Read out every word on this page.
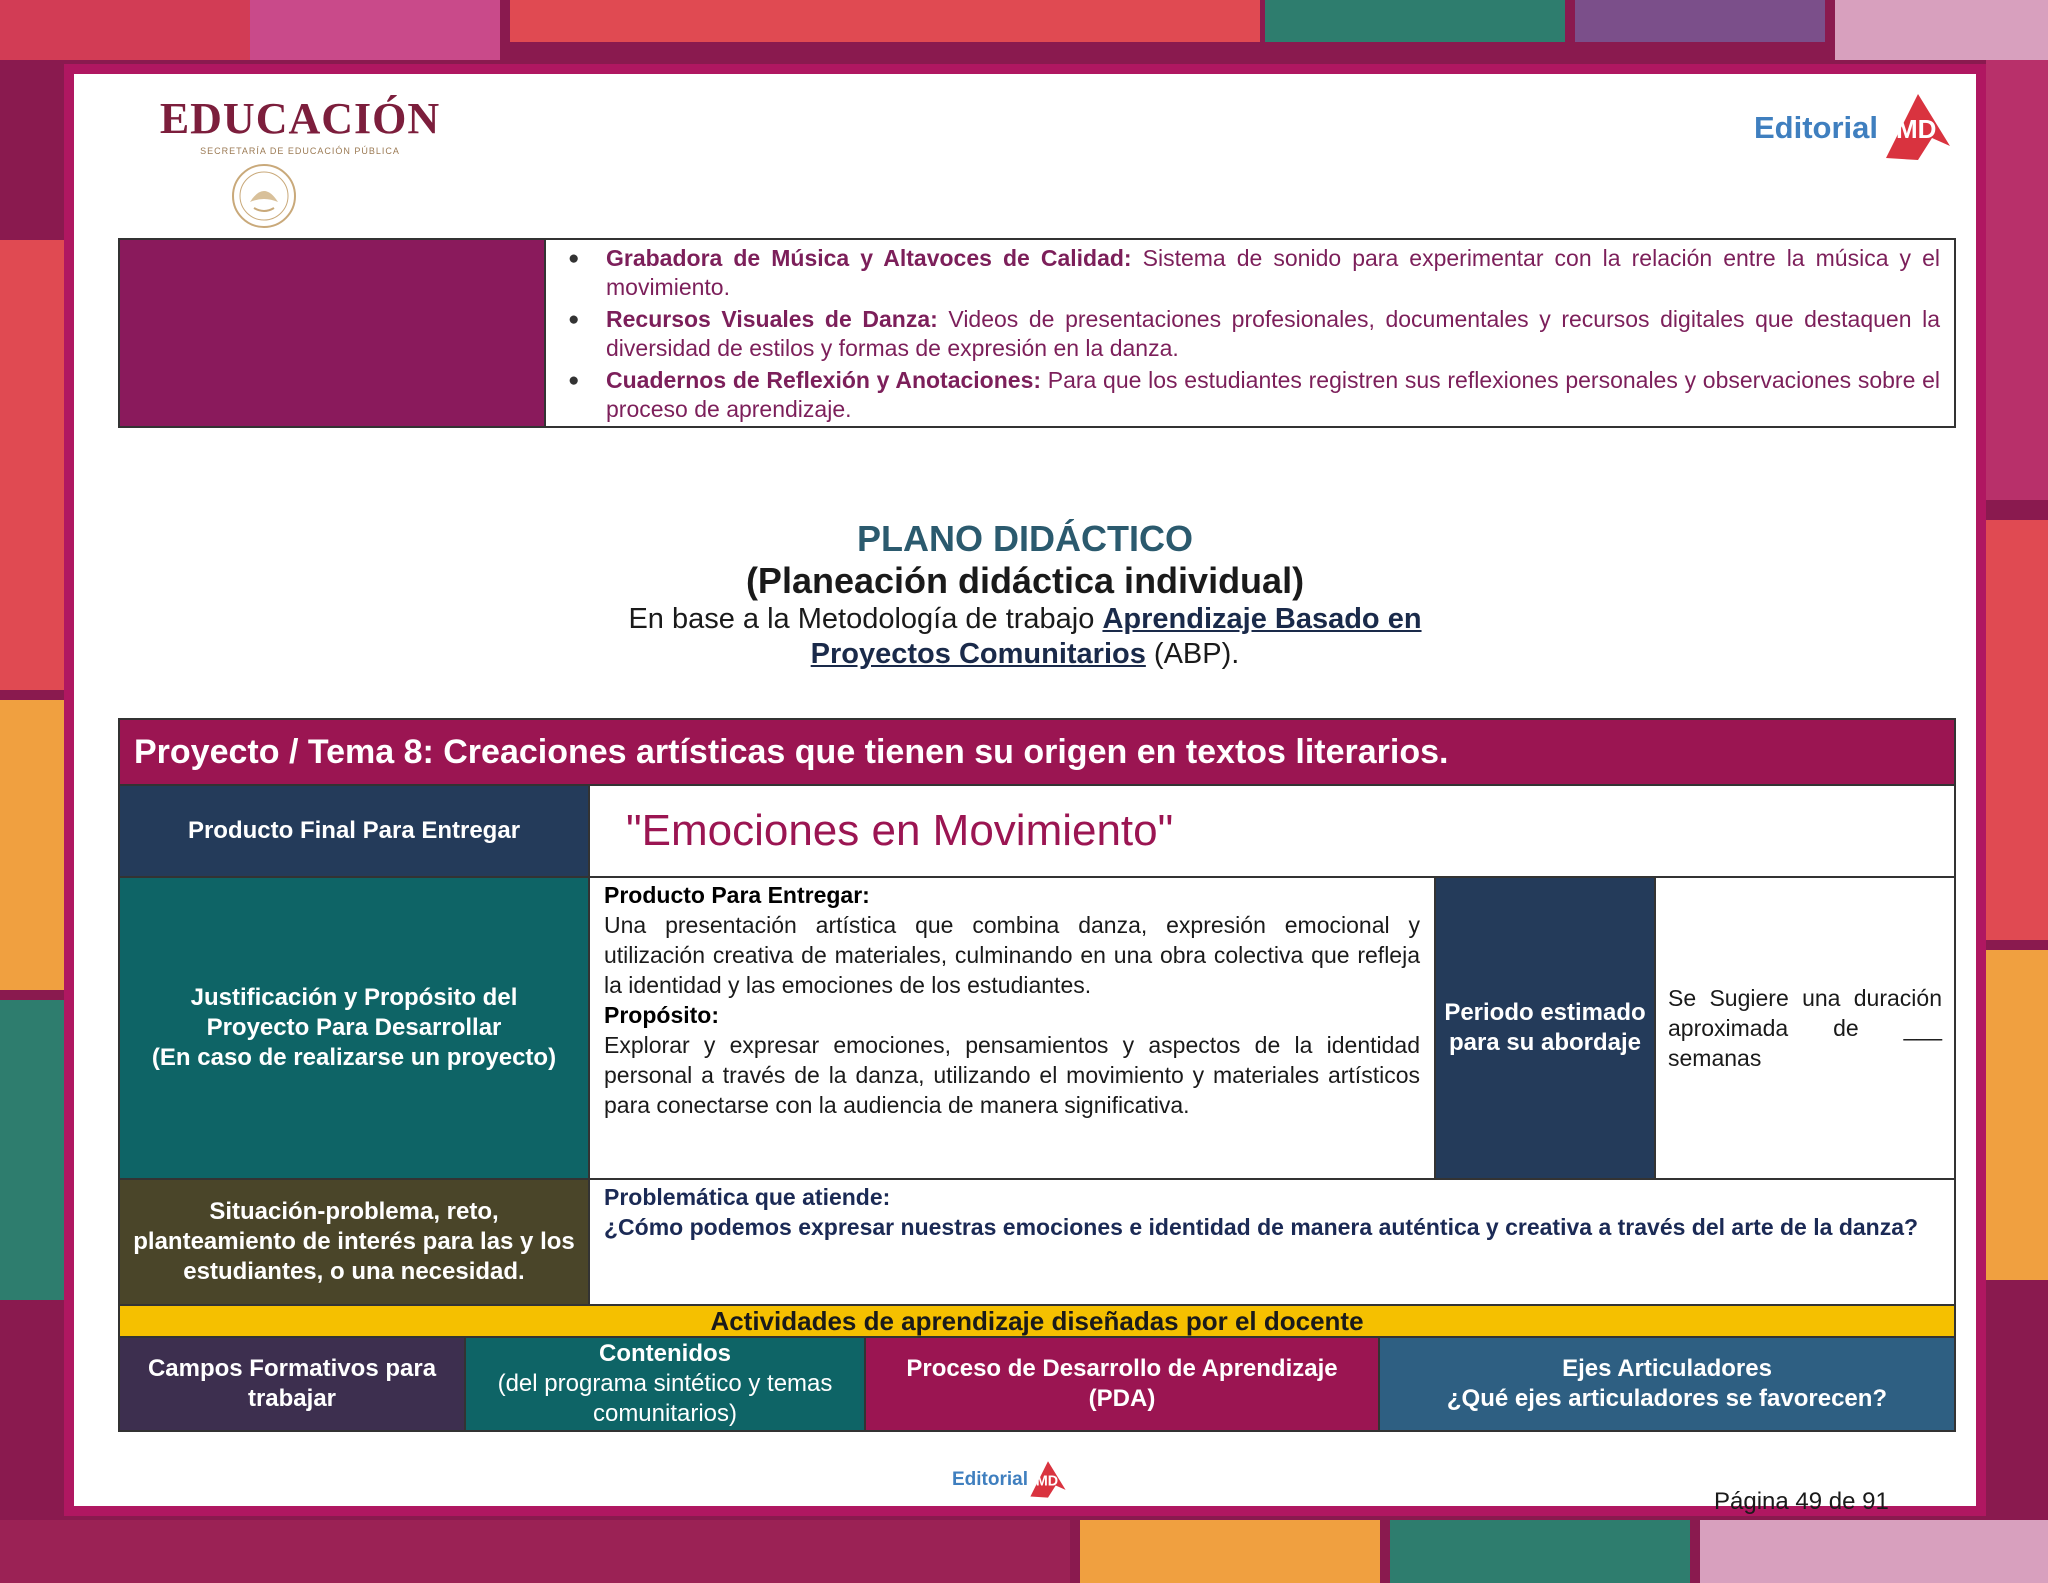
EDUCACIÓN
SECRETARÍA DE EDUCACIÓN PÚBLICA
Editorial MD
● Grabadora de Música y Altavoces de Calidad: Sistema de sonido para experimentar con la relación entre la música y el movimiento.
● Recursos Visuales de Danza: Videos de presentaciones profesionales, documentales y recursos digitales que destaquen la diversidad de estilos y formas de expresión en la danza.
● Cuadernos de Reflexión y Anotaciones: Para que los estudiantes registren sus reflexiones personales y observaciones sobre el proceso de aprendizaje.
PLANO DIDÁCTICO
(Planeación didáctica individual)
En base a la Metodología de trabajo Aprendizaje Basado en
Proyectos Comunitarios (ABP).
Proyecto / Tema 8: Creaciones artísticas que tienen su origen en textos literarios.
Producto Final Para Entregar	"Emociones en Movimiento"
Justificación y Propósito del
Proyecto Para Desarrollar
(En caso de realizarse un proyecto)
Producto Para Entregar:
Una presentación artística que combina danza, expresión emocional y utilización creativa de materiales, culminando en una obra colectiva que refleja la identidad y las emociones de los estudiantes.
Propósito:
Explorar y expresar emociones, pensamientos y aspectos de la identidad personal a través de la danza, utilizando el movimiento y materiales artísticos para conectarse con la audiencia de manera significativa.
Periodo estimado para su abordaje
Se Sugiere una duración aproximada de ___ semanas
Situación-problema, reto, planteamiento de interés para las y los estudiantes, o una necesidad.
Problemática que atiende:
¿Cómo podemos expresar nuestras emociones e identidad de manera auténtica y creativa a través del arte de la danza?
Actividades de aprendizaje diseñadas por el docente
Campos Formativos para trabajar
Contenidos
(del programa sintético y temas comunitarios)
Proceso de Desarrollo de Aprendizaje (PDA)
Ejes Articuladores
¿Qué ejes articuladores se favorecen?
Editorial MD
Página 49 de 91
